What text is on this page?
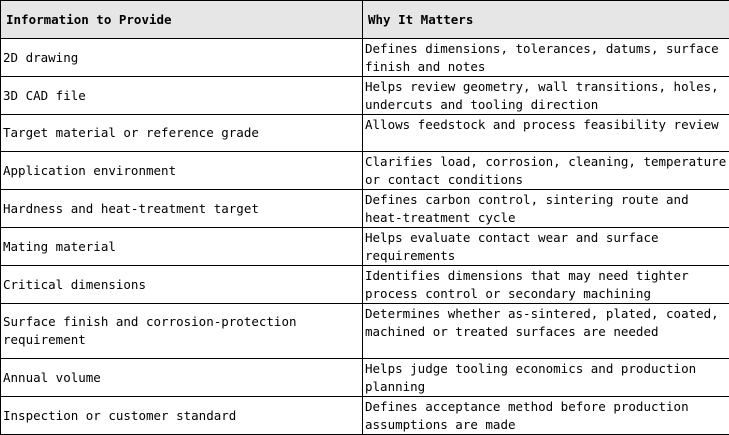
Information to Provide	Why It Matters
2D drawing	Defines dimensions, tolerances, datums, surface finish and notes
3D CAD file	Helps review geometry, wall transitions, holes, undercuts and tooling direction
Target material or reference grade	Allows feedstock and process feasibility review
Application environment	Clarifies load, corrosion, cleaning, temperature or contact conditions
Hardness and heat-treatment target	Defines carbon control, sintering route and heat-treatment cycle
Mating material	Helps evaluate contact wear and surface requirements
Critical dimensions	Identifies dimensions that may need tighter process control or secondary machining
Surface finish and corrosion-protection requirement	Determines whether as-sintered, plated, coated, machined or treated surfaces are needed
Annual volume	Helps judge tooling economics and production planning
Inspection or customer standard	Defines acceptance method before production assumptions are made
